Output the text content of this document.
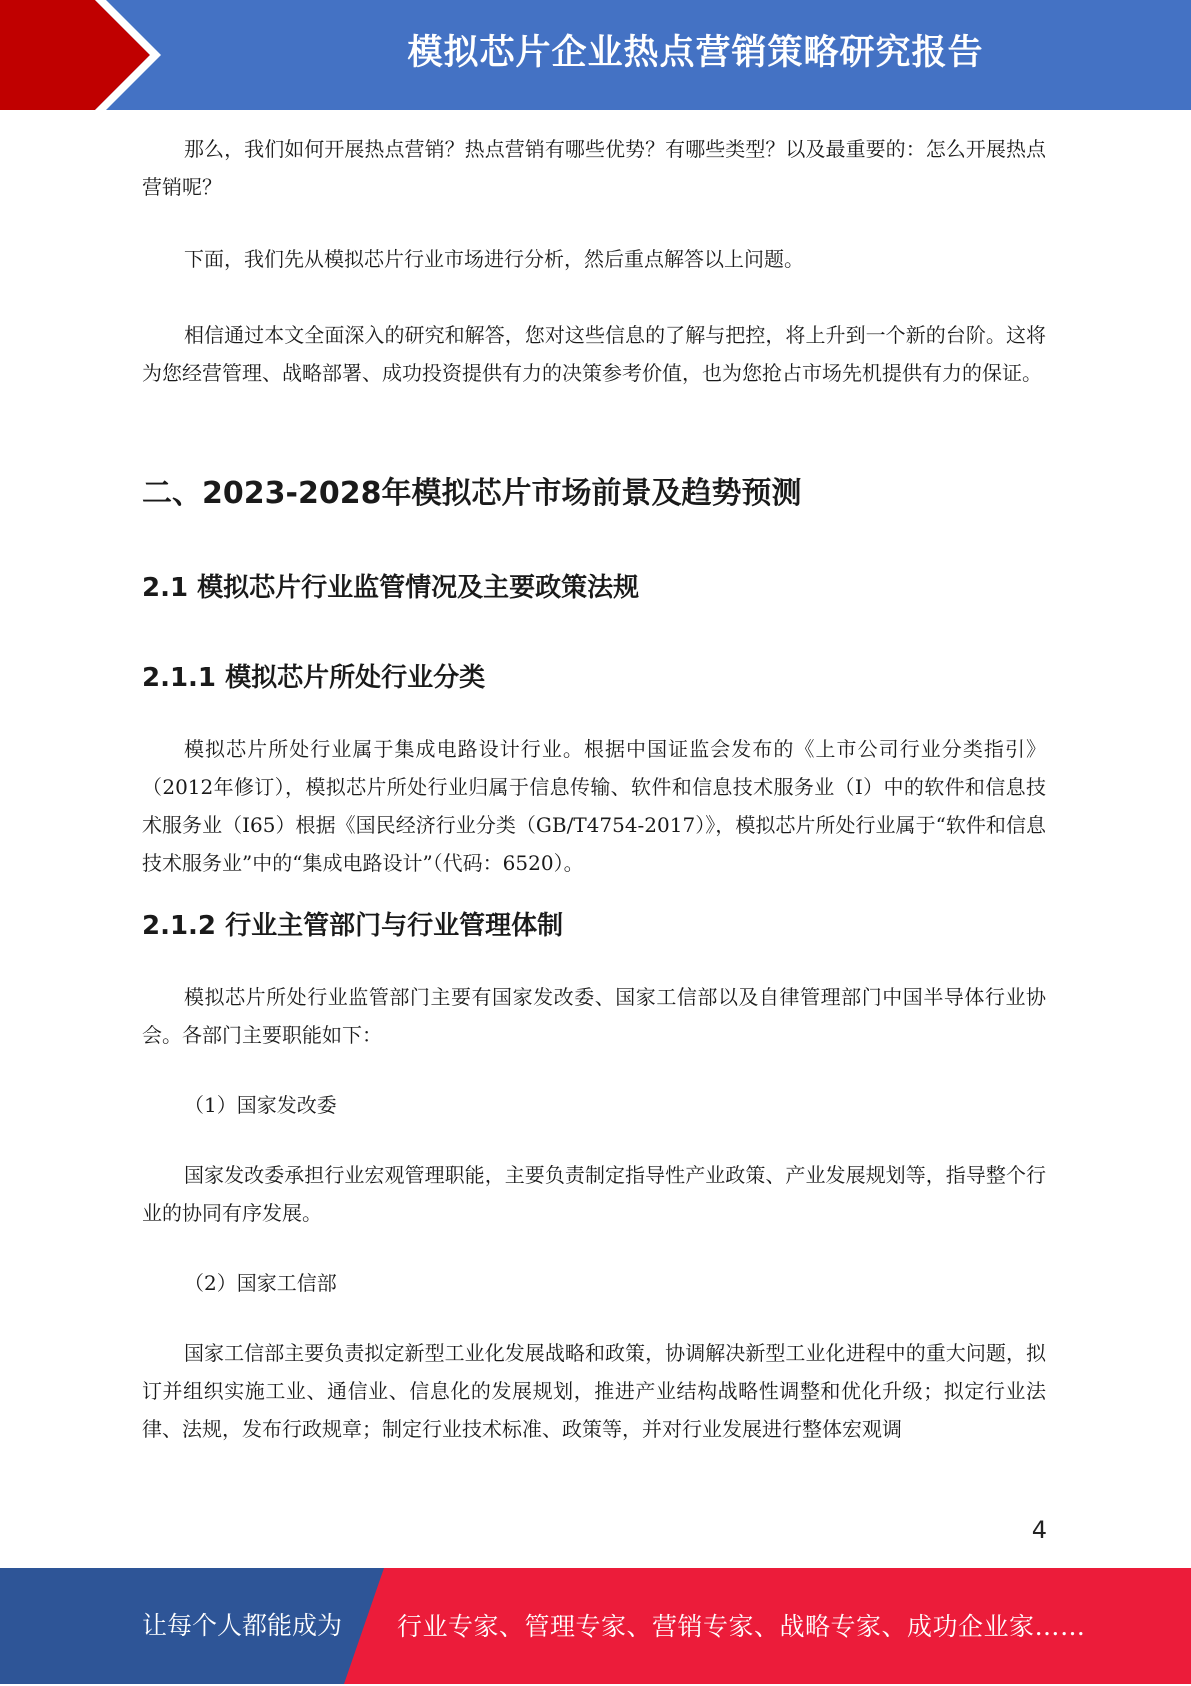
模拟芯片企业热点营销策略研究报告

那么，我们如何开展热点营销？热点营销有哪些优势？有哪些类型？以及最重要的：怎么开展热点营销呢？

下面，我们先从模拟芯片行业市场进行分析，然后重点解答以上问题。

相信通过本文全面深入的研究和解答，您对这些信息的了解与把控，将上升到一个新的台阶。这将为您经营管理、战略部署、成功投资提供有力的决策参考价值，也为您抢占市场先机提供有力的保证。

二、2023-2028年模拟芯片市场前景及趋势预测
2.1 模拟芯片行业监管情况及主要政策法规
2.1.1 模拟芯片所处行业分类

模拟芯片所处行业属于集成电路设计行业。根据中国证监会发布的《上市公司行业分类指引》（2012年修订），模拟芯片所处行业归属于信息传输、软件和信息技术服务业（I）中的软件和信息技术服务业（I65）根据《国民经济行业分类（GB/T4754-2017）》，模拟芯片所处行业属于“软件和信息技术服务业”中的“集成电路设计”（代码：6520）。

2.1.2 行业主管部门与行业管理体制

模拟芯片所处行业监管部门主要有国家发改委、国家工信部以及自律管理部门中国半导体行业协会。各部门主要职能如下：

（1）国家发改委

国家发改委承担行业宏观管理职能，主要负责制定指导性产业政策、产业发展规划等，指导整个行业的协同有序发展。

（2）国家工信部

国家工信部主要负责拟定新型工业化发展战略和政策，协调解决新型工业化进程中的重大问题，拟订并组织实施工业、通信业、信息化的发展规划，推进产业结构战略性调整和优化升级；拟定行业法律、法规，发布行政规章；制定行业技术标准、政策等，并对行业发展进行整体宏观调

4
让每个人都能成为 行业专家、管理专家、营销专家、战略专家、成功企业家……
